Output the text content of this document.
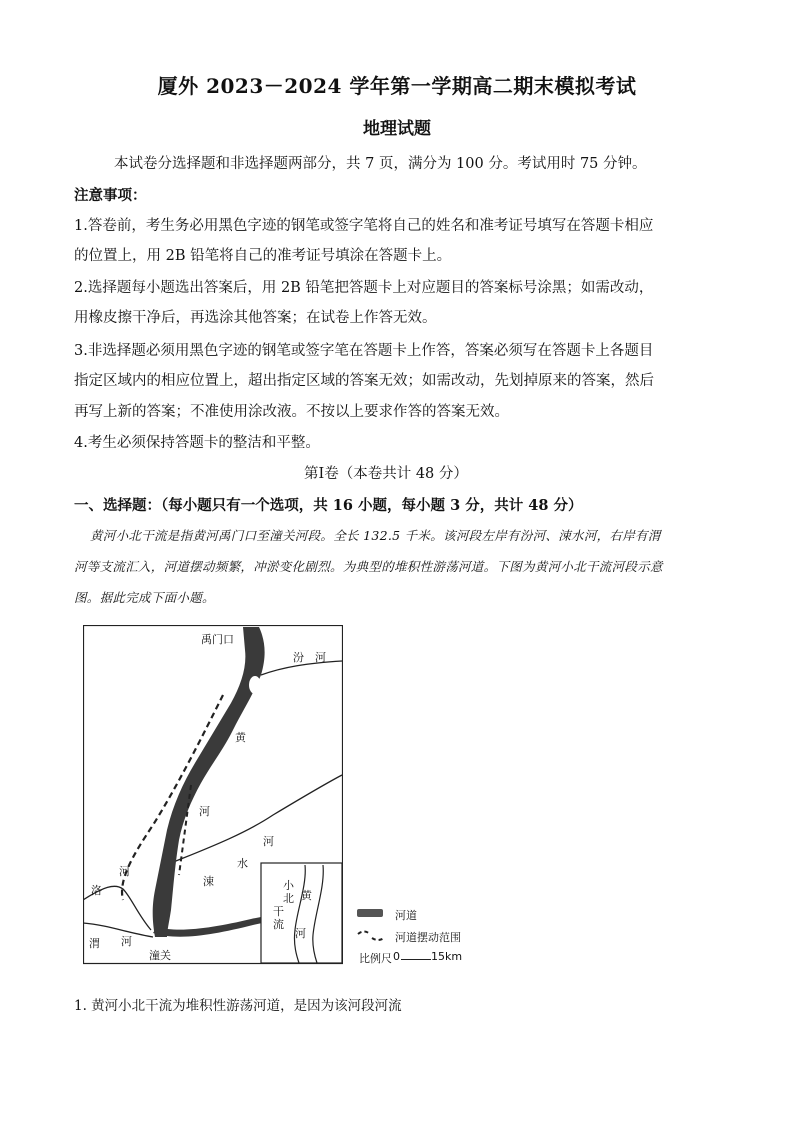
厦外 2023－2024 学年第一学期高二期末模拟考试
地理试题
本试卷分选择题和非选择题两部分，共 7 页，满分为 100 分。考试用时 75 分钟。
注意事项：
1.答卷前，考生务必用黑色字迹的钢笔或签字笔将自己的姓名和准考证号填写在答题卡相应
的位置上，用 2B 铅笔将自己的准考证号填涂在答题卡上。
2.选择题每小题选出答案后，用 2B 铅笔把答题卡上对应题目的答案标号涂黑；如需改动，
用橡皮擦干净后，再选涂其他答案；在试卷上作答无效。
3.非选择题必须用黑色字迹的钢笔或签字笔在答题卡上作答，答案必须写在答题卡上各题目
指定区域内的相应位置上，超出指定区域的答案无效；如需改动，先划掉原来的答案，然后
再写上新的答案；不准使用涂改液。不按以上要求作答的答案无效。
4.考生必须保持答题卡的整洁和平整。
第Ⅰ卷（本卷共计 48 分）
一、选择题：（每小题只有一个选项，共 16 小题，每小题 3 分，共计 48 分）
黄河小北干流是指黄河禹门口至潼关河段。全长 132.5 千米。该河段左岸有汾河、涑水河，右岸有渭
河等支流汇入，河道摆动频繁，冲淤变化剧烈。为典型的堆积性游荡河道。下图为黄河小北干流河段示意
图。据此完成下面小题。
禹门口
汾 河
黄
河
河
水
涑
洛
河
渭 河
潼关
小
北
干
流
黄
河
河道
河道摆动范围
比例尺 0	15km
1. 黄河小北干流为堆积性游荡河道，是因为该河段河流
